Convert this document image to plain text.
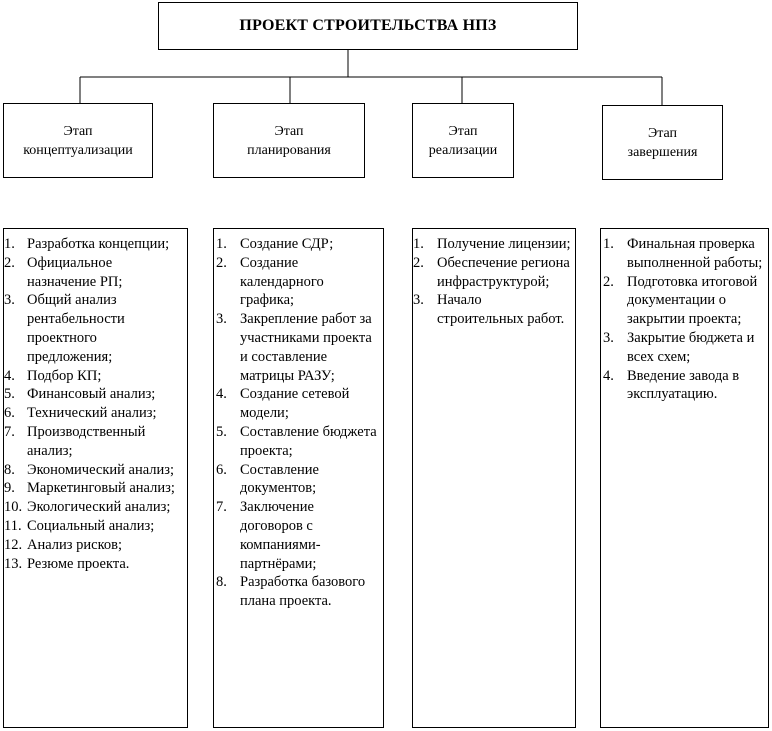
ПРОЕКТ СТРОИТЕЛЬСТВА НПЗ
Этап
концептуализации
Этап
планирования
Этап
реализации
Этап
завершения
1. Разработка концепции;
2. Официальное назначение РП;
3. Общий анализ рентабельности проектного предложения;
4. Подбор КП;
5. Финансовый анализ;
6. Технический анализ;
7. Производственный анализ;
8. Экономический анализ;
9. Маркетинговый анализ;
10. Экологический анализ;
11. Социальный анализ;
12. Анализ рисков;
13. Резюме проекта.
1. Создание СДР;
2. Создание календарного графика;
3. Закрепление работ за участниками проекта и составление матрицы РАЗУ;
4. Создание сетевой модели;
5. Составление бюджета проекта;
6. Составление документов;
7. Заключение договоров с компаниями-партнёрами;
8. Разработка базового плана проекта.
1. Получение лицензии;
2. Обеспечение региона инфраструктурой;
3. Начало строительных работ.
1. Финальная проверка выполненной работы;
2. Подготовка итоговой документации о закрытии проекта;
3. Закрытие бюджета и всех схем;
4. Введение завода в эксплуатацию.
